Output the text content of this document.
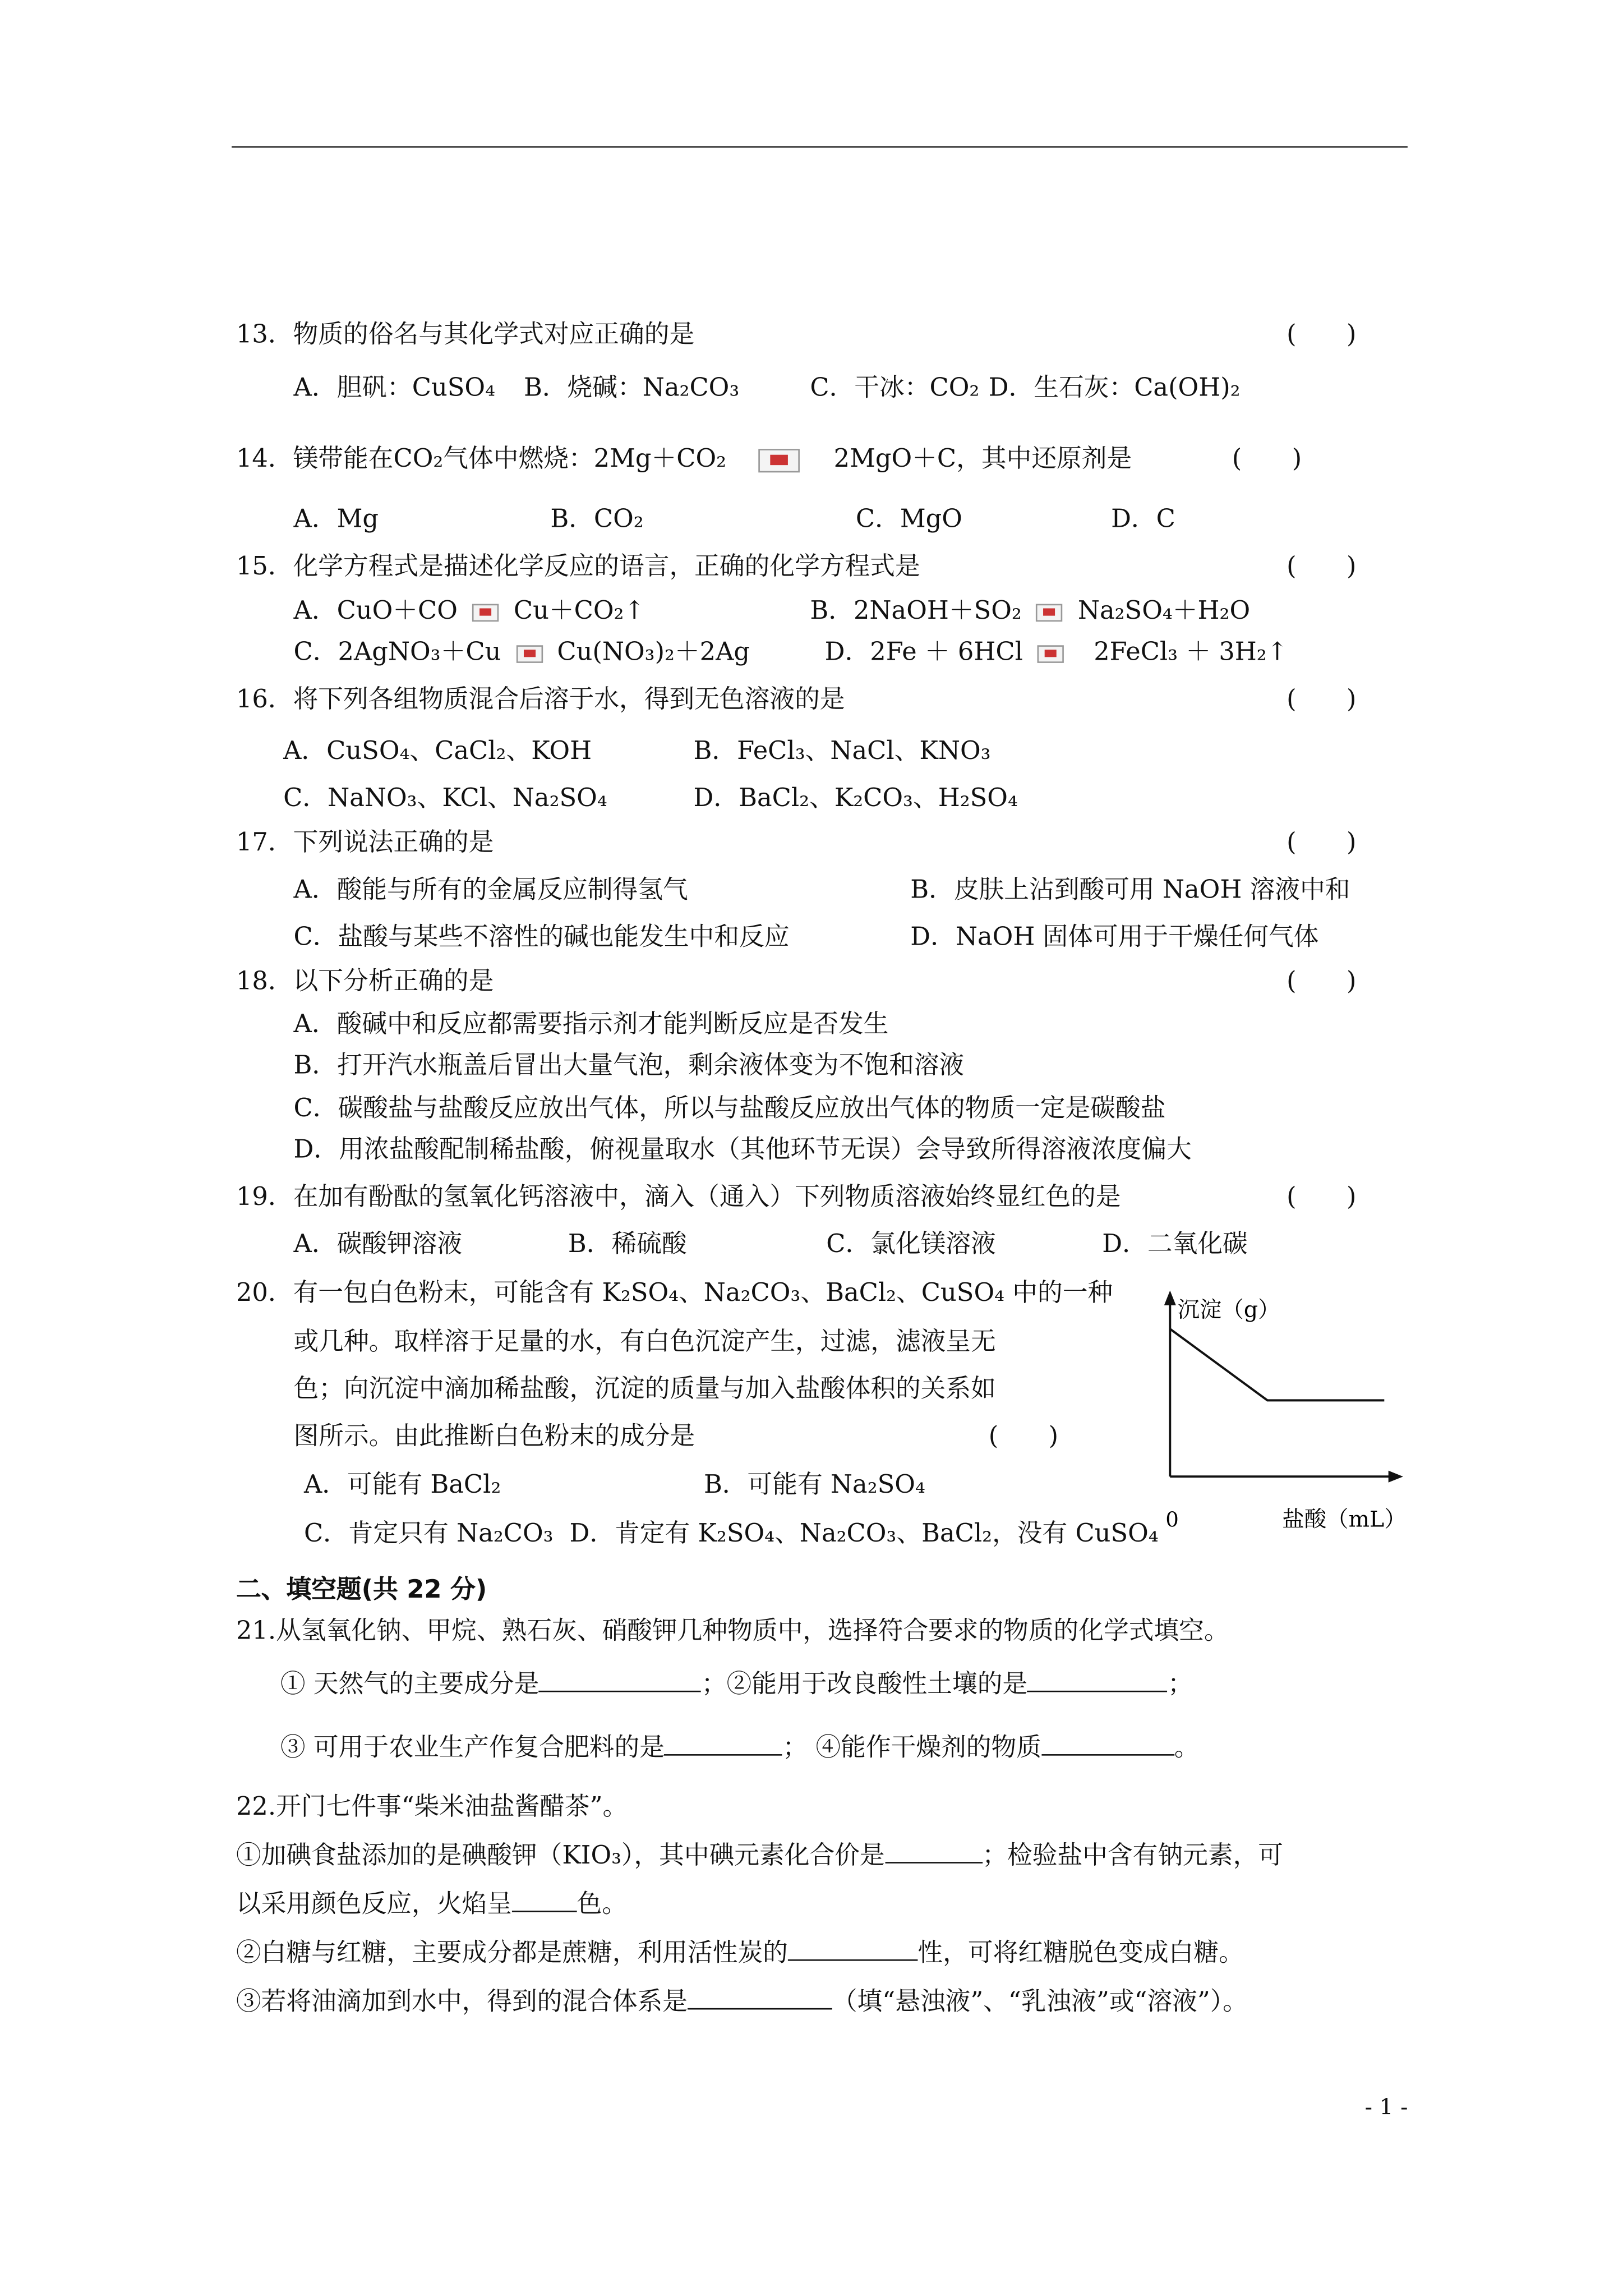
13．物质的俗名与其化学式对应正确的是	(　　)
A．胆矾：CuSO₄	B．烧碱：Na₂CO₃	C．干冰：CO₂ D．生石灰：Ca(OH)₂
14．镁带能在CO₂气体中燃烧：2Mg＋CO₂	2MgO＋C，其中还原剂是	(　　)
A．Mg	B．CO₂	C．MgO	D．C
15．化学方程式是描述化学反应的语言，正确的化学方程式是	(　　)
A．CuO＋CO	Cu＋CO₂↑	B．2NaOH＋SO₂	Na₂SO₄＋H₂O
C．2AgNO₃＋Cu	Cu(NO₃)₂＋2Ag	D．2Fe ＋ 6HCl	2FeCl₃ ＋ 3H₂↑
16．将下列各组物质混合后溶于水，得到无色溶液的是	(　　)
A．CuSO₄、CaCl₂、KOH	B．FeCl₃、NaCl、KNO₃
C．NaNO₃、KCl、Na₂SO₄	D．BaCl₂、K₂CO₃、H₂SO₄
17．下列说法正确的是	(　　)
A．酸能与所有的金属反应制得氢气	B．皮肤上沾到酸可用 NaOH 溶液中和
C．盐酸与某些不溶性的碱也能发生中和反应	D．NaOH 固体可用于干燥任何气体
18．以下分析正确的是	(　　)
A．酸碱中和反应都需要指示剂才能判断反应是否发生
B．打开汽水瓶盖后冒出大量气泡，剩余液体变为不饱和溶液
C．碳酸盐与盐酸反应放出气体，所以与盐酸反应放出气体的物质一定是碳酸盐
D．用浓盐酸配制稀盐酸，俯视量取水（其他环节无误）会导致所得溶液浓度偏大
19．在加有酚酞的氢氧化钙溶液中，滴入（通入）下列物质溶液始终显红色的是	(　　)
A．碳酸钾溶液	B．稀硫酸	C．氯化镁溶液	D．二氧化碳
20．有一包白色粉末，可能含有 K₂SO₄、Na₂CO₃、BaCl₂、CuSO₄ 中的一种
或几种。取样溶于足量的水，有白色沉淀产生，过滤，滤液呈无
色；向沉淀中滴加稀盐酸，沉淀的质量与加入盐酸体积的关系如
图所示。由此推断白色粉末的成分是	(　　)
A．可能有 BaCl₂	B．可能有 Na₂SO₄
C．肯定只有 Na₂CO₃ D．肯定有 K₂SO₄、Na₂CO₃、BaCl₂，没有 CuSO₄
沉淀（g）
0	盐酸（mL）
二、填空题(共 22 分)
21.从氢氧化钠、甲烷、熟石灰、硝酸钾几种物质中，选择符合要求的物质的化学式填空。
① 天然气的主要成分是	；②能用于改良酸性土壤的是	；
③ 可用于农业生产作复合肥料的是	； ④能作干燥剂的物质	。
22.开门七件事“柴米油盐酱醋茶”。
①加碘食盐添加的是碘酸钾（KIO₃），其中碘元素化合价是	；检验盐中含有钠元素，可
以采用颜色反应，火焰呈	色。
②白糖与红糖，主要成分都是蔗糖，利用活性炭的	性，可将红糖脱色变成白糖。
③若将油滴加到水中，得到的混合体系是	（填“悬浊液”、“乳浊液”或“溶液”）。
- 1 -
